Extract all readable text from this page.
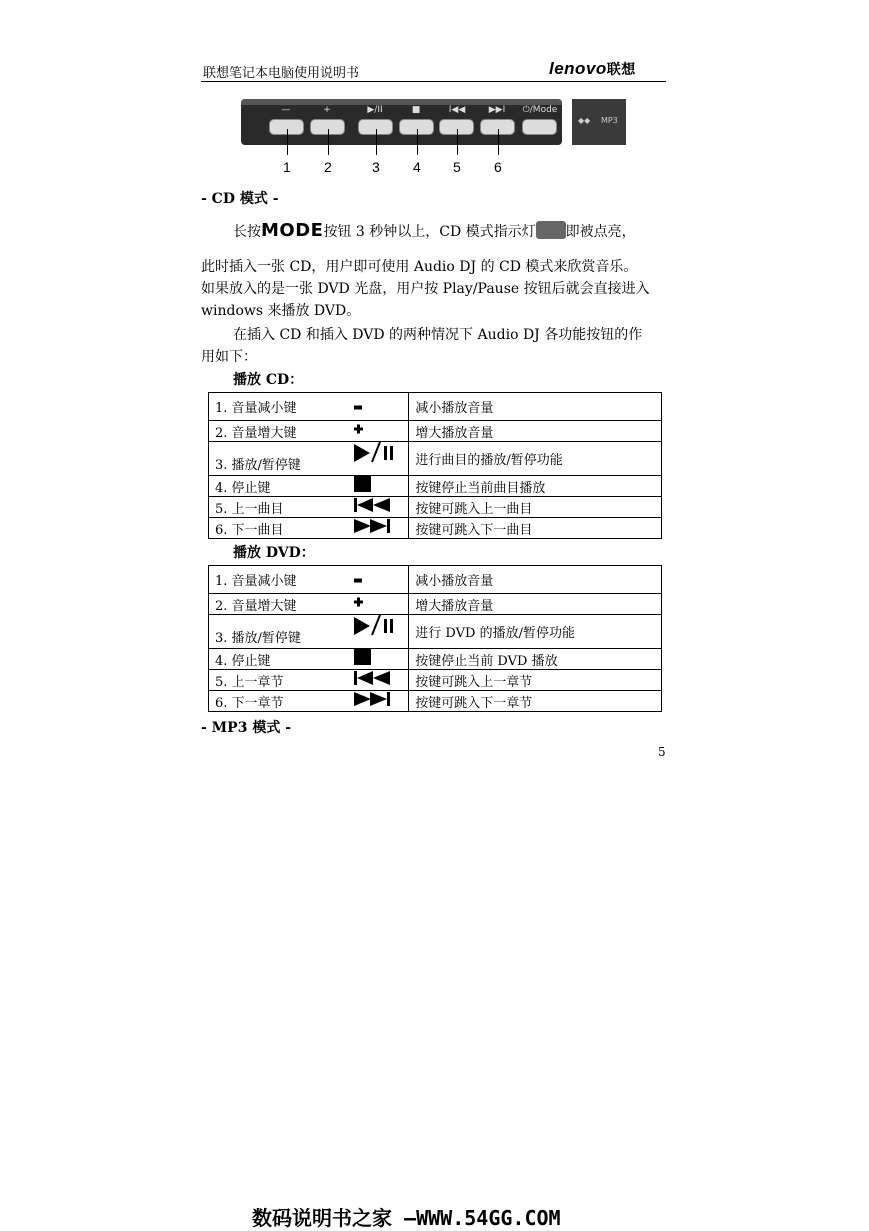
联想笔记本电脑使用说明书	lenovo联想
—	+	▶/II	■	I◀◀	▶▶I	⏻/Mode
◆◆ MP3
1 2	3 4 5 6
- CD 模式 -
长按MODE按钮 3 秒钟以上，CD 模式指示灯 即被点亮，
此时插入一张 CD，用户即可使用 Audio DJ 的 CD 模式来欣赏音乐。
如果放入的是一张 DVD 光盘，用户按 Play/Pause 按钮后就会直接进入
windows 来播放 DVD。
在插入 CD 和插入 DVD 的两种情况下 Audio DJ 各功能按钮的作
用如下：
播放 CD：
1. 音量减小键	减小播放音量
2. 音量增大键	增大播放音量
3. 播放/暂停键	进行曲目的播放/暂停功能
4. 停止键	按键停止当前曲目播放
5. 上一曲目	按键可跳入上一曲目
6. 下一曲目	按键可跳入下一曲目
播放 DVD：
1. 音量减小键	减小播放音量
2. 音量增大键	增大播放音量
3. 播放/暂停键	进行 DVD 的播放/暂停功能
4. 停止键	按键停止当前 DVD 播放
5. 上一章节	按键可跳入上一章节
6. 下一章节	按键可跳入下一章节
- MP3 模式 -
5
数码说明书之家 —WWW.54GG.COM
